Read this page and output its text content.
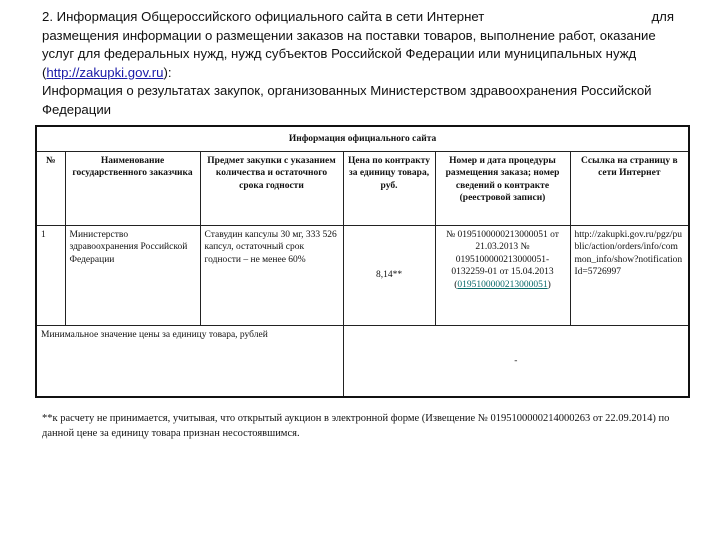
для
2. Информация Общероссийского официального сайта в сети Интернет
размещения информации о размещении заказов на поставки товаров, выполнение работ, оказание услуг для федеральных нужд, нужд субъектов Российской Федерации или муниципальных нужд (http://zakupki.gov.ru):
Информация о результатах закупок, организованных Министерством здравоохранения Российской Федерации
Информация официального сайта					
№	Наименование государственного заказчика	Предмет закупки с указанием количества и остаточного срока годности	Цена по контракту за единицу товара, руб.	Номер и дата процедуры размещения заказа; номер сведений о контракте (реестровой записи)	Ссылка на страницу в сети Интернет
1	Министерство здравоохранения Российской Федерации	Ставудин капсулы 30 мг, 333 526 капсул, остаточный срок годности – не менее 60%	8,14**	№ 0195100000213000051 от 21.03.2013 № 0195100000213000051-0132259-01 от 15.04.2013 (0195100000213000051)	http://zakupki.gov.ru/pgz/public/action/orders/info/common_info/show?notificationId=5726997
Минимальное значение цены за единицу товара, рублей			-		
**к расчету не принимается, учитывая, что открытый аукцион в электронной форме (Извещение № 0195100000214000263 от 22.09.2014) по данной цене за единицу товара признан несостоявшимся.
